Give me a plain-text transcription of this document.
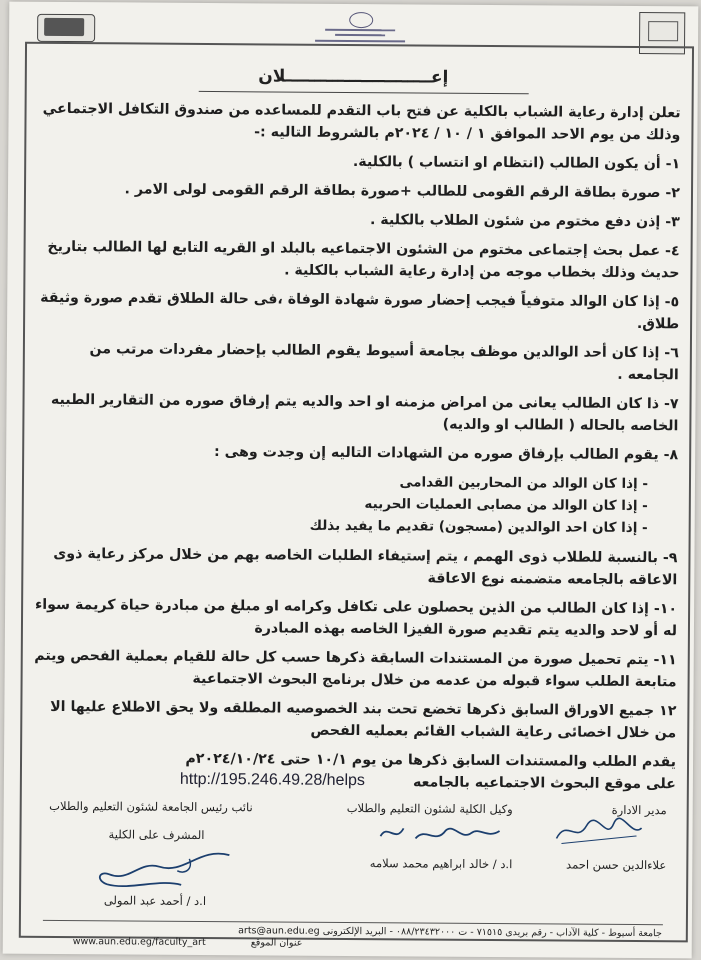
إعـــــــــــــــــــــــــلان

تعلن إدارة رعاية الشباب بالكلية عن فتح باب التقدم للمساعده من صندوق التكافل الاجتماعي وذلك من يوم الاحد الموافق ١ / ١٠ / ٢٠٢٤م بالشروط التاليه :-

١- أن يكون الطالب (انتظام او انتساب ) بالكلية.

٢- صورة بطاقة الرقم القومى للطالب +صورة بطاقة الرقم القومى لولى الامر .

٣- إذن دفع مختوم من شئون الطلاب بالكلية .

٤- عمل بحث إجتماعى مختوم من الشئون الاجتماعيه بالبلد او القريه التابع لها الطالب بتاريخ حديث وذلك بخطاب موجه من إدارة رعاية الشباب بالكلية .

٥- إذا كان الوالد متوفياً فيجب إحضار صورة شهادة الوفاة ،فى حالة الطلاق تقدم صورة وثيقة طلاق.

٦- إذا كان أحد الوالدين موظف بجامعة أسيوط يقوم الطالب بإحضار مفردات مرتب من الجامعه .

٧- ذا كان الطالب يعانى من امراض مزمنه او احد والديه يتم إرفاق صوره من التقارير الطبيه الخاصه بالحاله ( الطالب او والديه)

٨- يقوم الطالب بإرفاق صوره من الشهادات التاليه إن وجدت وهى :

- إذا كان الوالد من المحاربين القدامى
- إذا كان الوالد من مصابى العمليات الحربيه
- إذا كان احد الوالدين (مسجون) تقديم ما يفيد بذلك

٩- بالنسبة للطلاب ذوى الهمم ، يتم إستيفاء الطلبات الخاصه بهم من خلال مركز رعاية ذوى الاعاقه بالجامعه متضمنه نوع الاعاقة

١٠- إذا كان الطالب من الذين يحصلون على تكافل وكرامه او مبلغ من مبادرة حياة كريمة سواء له أو لاحد والديه يتم تقديم صورة الفيزا الخاصه بهذه المبادرة

١١- يتم تحميل صورة من المستندات السابقة ذكرها حسب كل حالة للقيام بعملية الفحص ويتم متابعة الطلب سواء قبوله من عدمه من خلال برنامج البحوث الاجتماعية

١٢ جميع الاوراق السابق ذكرها تخضع تحت بند الخصوصيه المطلقه ولا يحق الاطلاع عليها الا من خلال اخصائى رعاية الشباب القائم بعمليه الفحص

يقدم الطلب والمستندات السابق ذكرها من يوم ١٠/١ حتى ٢٠٢٤/١٠/٢٤م

على موقع البحوث الاجتماعيه بالجامعه

http://195.246.49.28/helps
مدير الادارة
وكيل الكلية لشئون التعليم والطلاب
نائب رئيس الجامعة لشئون التعليم والطلاب
المشرف على الكلية
علاءالدين حسن احمد
ا.د / خالد ابراهيم محمد سلامه
ا.د / أحمد عبد المولى
جامعة أسيوط - كلية الآداب - رقم بريدى ٧١٥١٥ - ت ٠٨٨/٢٣٤٣٢٠٠٠ - البريد الإلكترونى arts@aun.edu.eg
عنوان الموقع
www.aun.edu.eg/faculty_art
